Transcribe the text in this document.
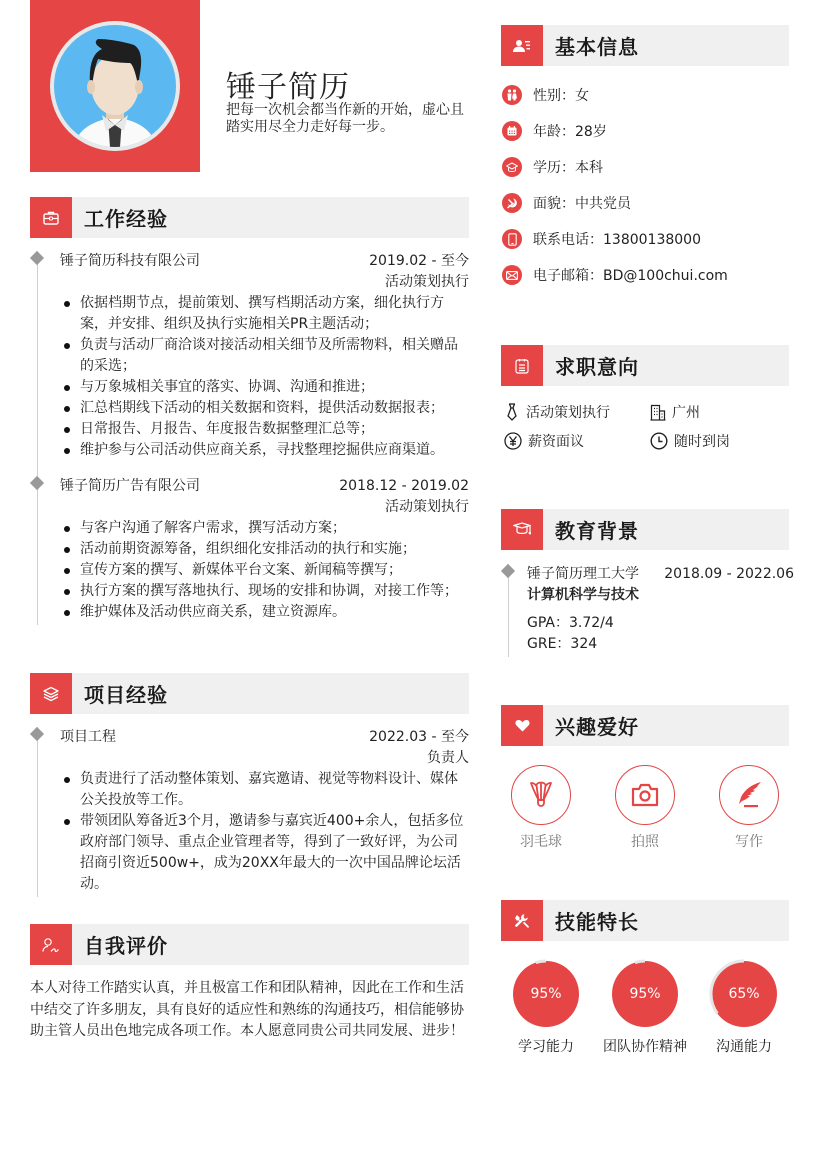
锤子简历
把每一次机会都当作新的开始，虚心且踏实用尽全力走好每一步。
工作经验
锤子简历科技有限公司	2019.02 - 至今
活动策划执行
依据档期节点，提前策划、撰写档期活动方案，细化执行方案，并安排、组织及执行实施相关PR主题活动；
负责与活动厂商洽谈对接活动相关细节及所需物料，相关赠品的采选；
与万象城相关事宜的落实、协调、沟通和推进；
汇总档期线下活动的相关数据和资料，提供活动数据报表；
日常报告、月报告、年度报告数据整理汇总等；
维护参与公司活动供应商关系，寻找整理挖掘供应商渠道。
锤子简历广告有限公司	2018.12 - 2019.02
活动策划执行
与客户沟通了解客户需求，撰写活动方案；
活动前期资源筹备，组织细化安排活动的执行和实施；
宣传方案的撰写、新媒体平台文案、新闻稿等撰写；
执行方案的撰写落地执行、现场的安排和协调，对接工作等；
维护媒体及活动供应商关系，建立资源库。
项目经验
项目工程	2022.03 - 至今
负责人
负责进行了活动整体策划、嘉宾邀请、视觉等物料设计、媒体公关投放等工作。
带领团队筹备近3个月，邀请参与嘉宾近400+余人，包括多位政府部门领导、重点企业管理者等，得到了一致好评，为公司招商引资近500w+，成为20XX年最大的一次中国品牌论坛活动。
自我评价
本人对待工作踏实认真，并且极富工作和团队精神，因此在工作和生活中结交了许多朋友，具有良好的适应性和熟练的沟通技巧，相信能够协助主管人员出色地完成各项工作。本人愿意同贵公司共同发展、进步！
基本信息
性别：女
年龄：28岁
学历：本科
面貌：中共党员
联系电话：13800138000
电子邮箱：BD@100chui.com
求职意向
活动策划执行	广州
薪资面议	随时到岗
教育背景
锤子简历理工大学 2018.09 - 2022.06
计算机科学与技术
GPA：3.72/4
GRE：324
兴趣爱好
羽毛球	拍照	写作
技能特长
95%
学习能力
95%
团队协作精神
65%
沟通能力
